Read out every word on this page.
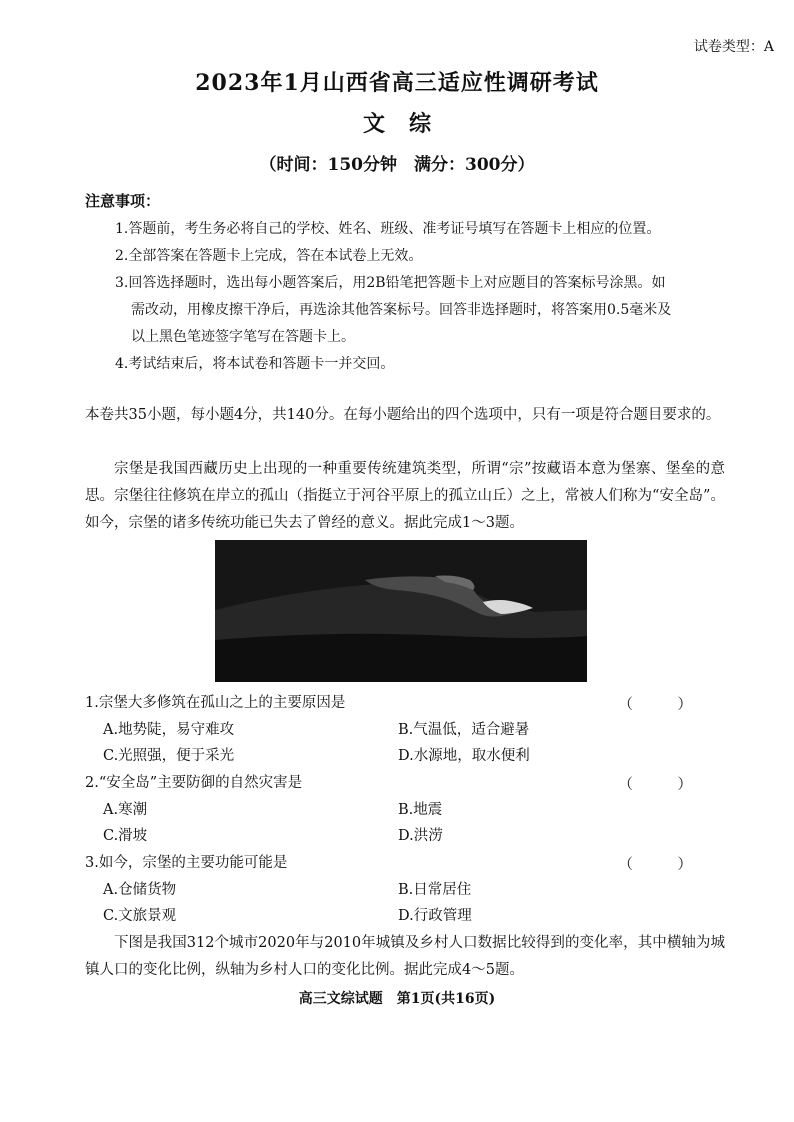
试卷类型：A
2023年1月山西省高三适应性调研考试
文综
（时间：150分钟　满分：300分）
注意事项：
1.答题前，考生务必将自己的学校、姓名、班级、准考证号填写在答题卡上相应的位置。
2.全部答案在答题卡上完成，答在本试卷上无效。
3.回答选择题时，选出每小题答案后，用2B铅笔把答题卡上对应题目的答案标号涂黑。如
需改动，用橡皮擦干净后，再选涂其他答案标号。回答非选择题时，将答案用0.5毫米及
以上黑色笔迹签字笔写在答题卡上。
4.考试结束后，将本试卷和答题卡一并交回。
本卷共35小题，每小题4分，共140分。在每小题给出的四个选项中，只有一项是符合题目要求的。
宗堡是我国西藏历史上出现的一种重要传统建筑类型，所谓“宗”按藏语本意为堡寨、堡垒的意思。宗堡往往修筑在岸立的孤山（指挺立于河谷平原上的孤立山丘）之上，常被人们称为“安全岛”。如今，宗堡的诸多传统功能已失去了曾经的意义。据此完成1～3题。
1.宗堡大多修筑在孤山之上的主要原因是	（ ）
A.地势陡，易守难攻	B.气温低，适合避暑
C.光照强，便于采光	D.水源地，取水便利
2.“安全岛”主要防御的自然灾害是	（ ）
A.寒潮	B.地震
C.滑坡	D.洪涝
3.如今，宗堡的主要功能可能是	（ ）
A.仓储货物	B.日常居住
C.文旅景观	D.行政管理
下图是我国312个城市2020年与2010年城镇及乡村人口数据比较得到的变化率，其中横轴为城镇人口的变化比例，纵轴为乡村人口的变化比例。据此完成4～5题。
高三文综试题　第1页(共16页)
